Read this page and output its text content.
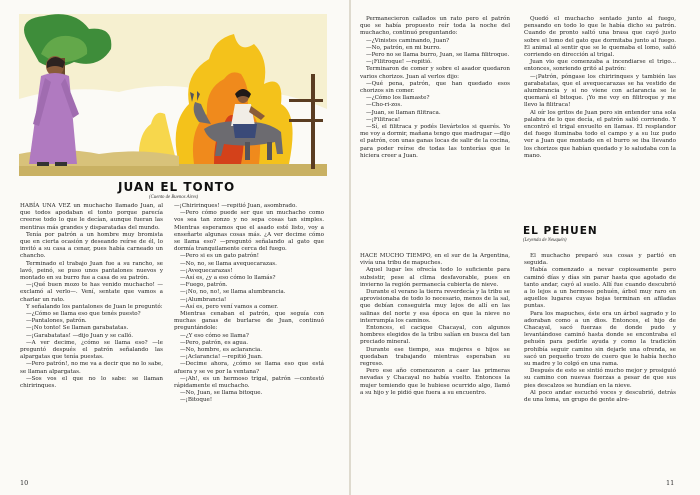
JUAN EL TONTO
(Cuento de Buenos Aires)

HABÍA UNA VEZ un muchacho llamado Juan, al que todos apodaban el tonto porque parecía creerse todo lo que le decían, aunque fueran las mentiras más grandes y disparatadas del mundo.

Tenía por patrón a un hombre muy bromista que en cierta ocasión y deseando reírse de él, lo invitó a su casa a cenar, pues había carneado un chancho.

Terminado el trabajo Juan fue a su rancho, se lavó, peinó, se puso unos pantalones nuevos y montado en su burro fue a casa de su patrón.

—¡Qué buen mozo te has venido muchacho! —exclamó al verlo—. Vení, sentate que vamos a charlar un rato.

Y señalando los pantalones de Juan le preguntó:

—¿Cómo se llama eso que tenés puesto?

—Pantalones, patrón.

—¡No tonto! Se llaman garabatatas.

—¡Garabatatas! —dijo Juan y se calló.

—A ver decime, ¿cómo se llama eso? —le preguntó después el patrón señalando las alpargatas que tenía puestas.

—Pero patrón!, no me va a decir que no lo sabe, se llaman alpargatas.

—Sos vos el que no lo sabe: se llaman chiririnques.

—¡Chiririnques! —repitió Juan, asombrado.

—Pero cómo puede ser que un muchacho como vos sea tan zonzo y no sepa cosas tan simples. Mientras esperamos que el asado esté listo, voy a enseñarte algunas cosas más. ¿A ver decime cómo se llama eso? —preguntó señalando al gato que dormía tranquilamente cerca del fuego.

—Pero si es un gato patrón!

—No, no, se llama avequecarazas.

—¡Avequecarazas!

—Así es, ¿y a eso cómo lo llamás?

—Fuego, patrón.

—¡No, no, no!, se llama alumbrancia.

—¡Alumbrancia!

—Así es, pero vení vamos a comer.

Mientras cenaban el patrón, que seguía con muchas ganas de burlarse de Juan, continuó preguntándole:

—¿Y eso cómo se llama?

—Pero, patrón, es agua.

—No, hombre, es aclarancia.

—¡Aclarancia! —repitió Juan.

—Decime ahora, ¿cómo se llama eso que está afuera y se ve por la ventana?

—¡Ah!, es un hermoso trigal, patrón —contestó rápidamente el muchacho.

—No, Juan, se llama bitoque.

—¡Bitoque!

10

Permanecieron callados un rato pero el patrón que se había propuesto reír toda la noche del muchacho, continuó preguntando:

—¿Vinistes caminando, Juan?

—No, patrón, en mi burro.

—Pero no se llama burro, Juan, se llama filitroque.

—¡Filitroque! —repitió.

Terminaron de comer y sobre el asador quedaron varios chorizos. Juan al verlos dijo:

—Qué pena, patrón, que han quedado esos chorizos sin comer.

—¿Cómo los llamaste?

—Cho-ri-zos.

—Juan, se llaman filitraca.

—¡Filitraca!

—Sí, el filitraca y podés llevártelos si querés. Yo me voy a dormir, mañana tengo que madrugar —dijo el patrón, con unas ganas locas de salir de la cocina, para poder reírse de todas las tonterías que le hiciera creer a Juan.

Quedó el muchacho sentado junto al fuego, pensando en todo lo que le había dicho su patrón. Cuando de pronto saltó una brasa que cayó justo sobre el lomo del gato que dormitaba junto al fuego. El animal al sentir que se le quemaba el lomo, salió corriendo en dirección al trigal.

Juan vio que comenzaba a incendiarse el trigo... entonces, sonriendo gritó al patrón:

—¡Patrón, póngase los chiririnques y también las garabatatas, que el avequecarazas se ha vestido de alumbrancia y si no viene con aclarancia se le quemará el bitoque. ¡Yo me voy en filitroque y me llevo la filitraca!

Al oír los gritos de Juan pero sin entender una sola palabra de lo que decía, el patrón salió corriendo. Y encontró el trigal envuelto en llamas. El resplandor del fuego iluminaba todo el campo y a su luz pudo ver a Juan que montado en el burro se iba llevando los chorizos que habían quedado y lo saludaba con la mano.

EL PEHUEN
(Leyenda de Neuquén)

HACE MUCHO TIEMPO, en el sur de la Argentina, vivía una tribu de mapuches.

Aquel lugar les ofrecía todo lo suficiente para subsistir, pese al clima desfavorable, pues en invierno la región permanecía cubierta de nieve.

Durante el verano la tierra reverdecía y la tribu se aprovisionaba de todo lo necesario, menos de la sal, que debían conseguirla muy lejos de allí en las salinas del norte y esa época en que la nieve no interrumpía los caminos.

Entonces, el cacique Chacayal, con algunos hombres elegidos de la tribu salían en busca del tan preciado mineral.

Durante ese tiempo, sus mujeres e hijos se quedaban trabajando mientras esperaban su regreso.

Pero ese año comenzaron a caer las primeras nevadas y Chacayal no había vuelto. Entonces la mujer temiendo que le hubiese ocurrido algo, llamó a su hijo y le pidió que fuera a su encuentro.

El muchacho preparó sus cosas y partió en seguida.

Había comenzado a nevar copiosamente pero caminó días y días sin parar hasta que agotado de tanto andar, cayó al suelo. Allí fue cuando descubrió a lo lejos a un hermoso pehuén, árbol muy raro en aquellos lugares cuyas hojas terminan en afiladas puntas.

Para los mapuches, éste era un árbol sagrado y lo adoraban como a un dios. Entonces, el hijo de Chacayal, sacó fuerzas de donde pudo y levantándose caminó hasta donde se encontraba el pehuén para pedirle ayuda y como la tradición prohibía seguir camino sin dejarle una ofrenda, se sacó un pequeño trozo de cuero que le había hecho su madre y lo colgó en una rama.

Después de esto se sintió mucho mejor y prosiguió su camino con nuevas fuerzas a pesar de que sus pies descalzos se hundían en la nieve.

Al poco andar escuchó voces y descubrió, detrás de una loma, un grupo de gente alre-

11
